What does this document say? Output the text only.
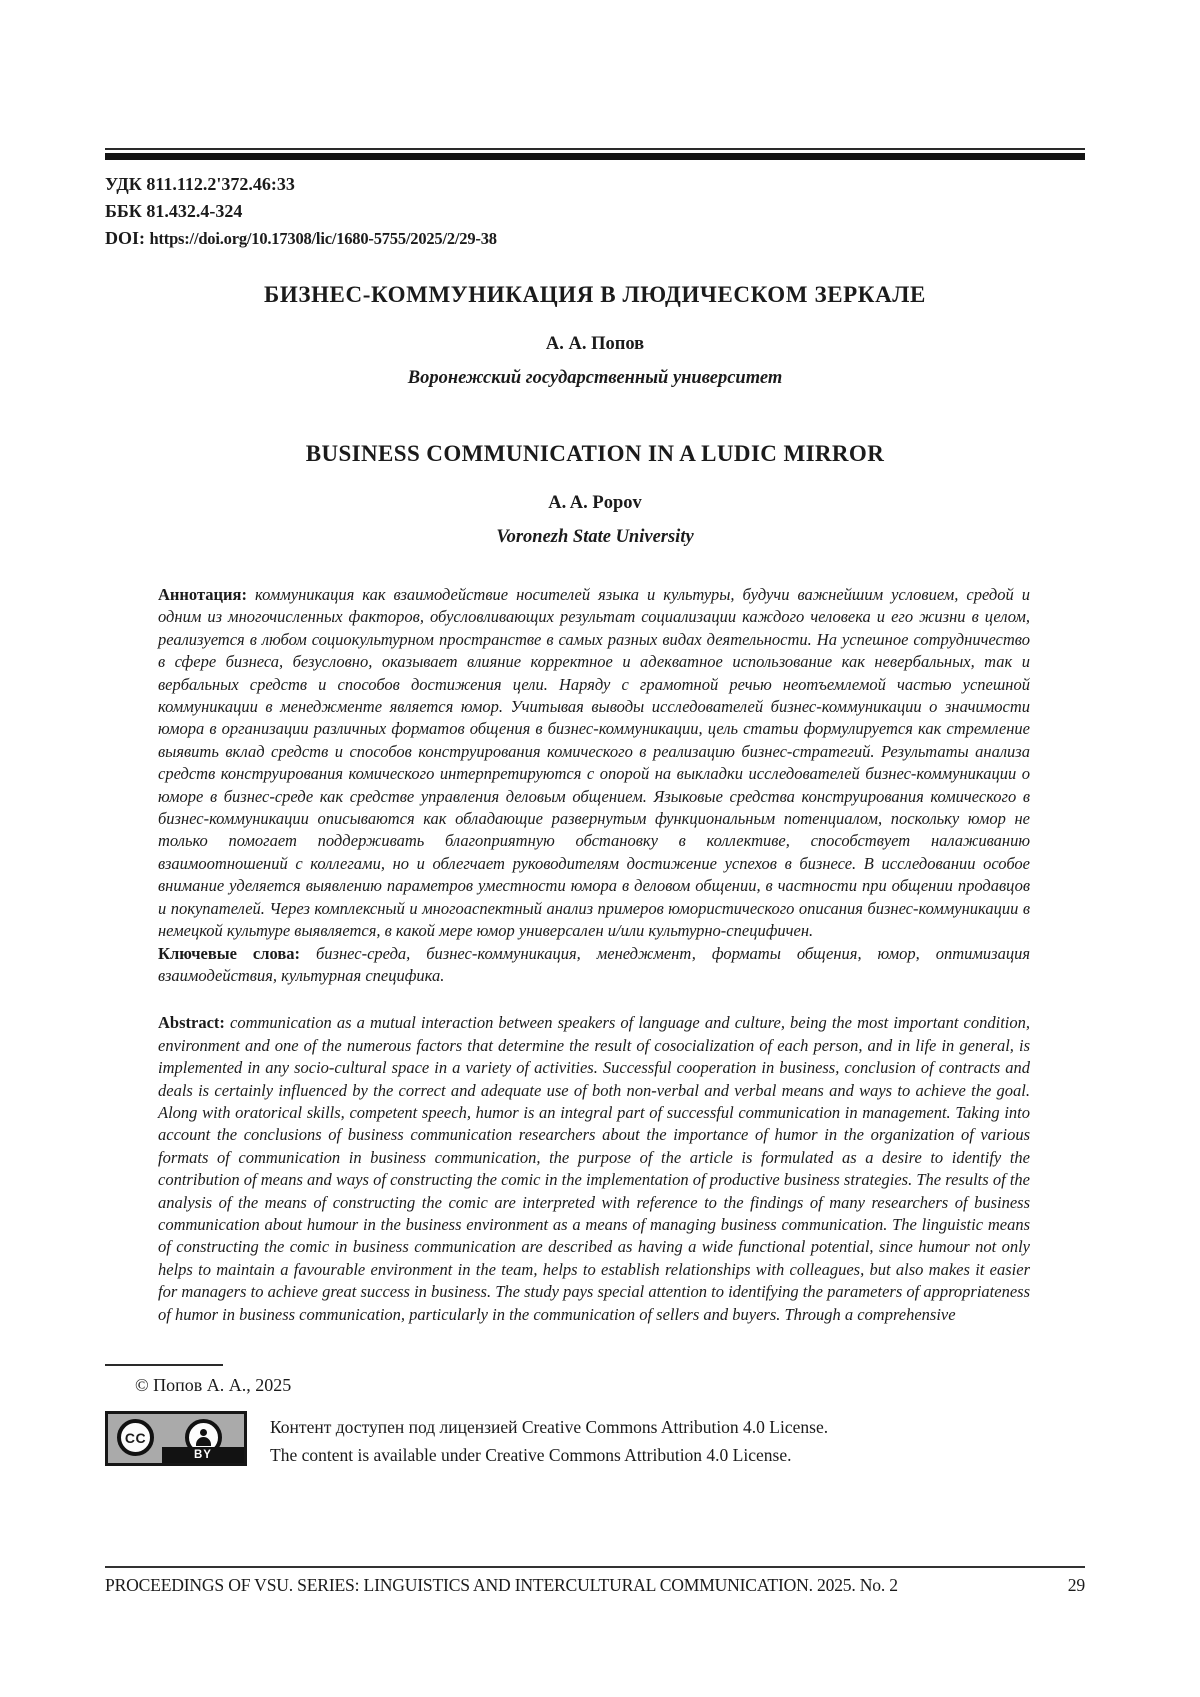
УДК 811.112.2'372.46:33
ББК 81.432.4-324
DOI: https://doi.org/10.17308/lic/1680-5755/2025/2/29-38
БИЗНЕС-КОММУНИКАЦИЯ В ЛЮДИЧЕСКОМ ЗЕРКАЛЕ
А. А. Попов
Воронежский государственный университет
BUSINESS COMMUNICATION IN A LUDIC MIRROR
A. A. Popov
Voronezh State University

Аннотация: коммуникация как взаимодействие носителей языка и культуры, будучи важнейшим условием, средой и одним из многочисленных факторов, обусловливающих результат социализации каждого человека и его жизни в целом, реализуется в любом социокультурном пространстве в самых разных видах деятельности. На успешное сотрудничество в сфере бизнеса, безусловно, оказывает влияние корректное и адекватное использование как невербальных, так и вербальных средств и способов достижения цели. Наряду с грамотной речью неотъемлемой частью успешной коммуникации в менеджменте является юмор. Учитывая выводы исследователей бизнес-коммуникации о значимости юмора в организации различных форматов общения в бизнес-коммуникации, цель статьи формулируется как стремление выявить вклад средств и способов конструирования комического в реализацию бизнес-стратегий. Результаты анализа средств конструирования комического интерпретируются с опорой на выкладки исследователей бизнес-коммуникации о юморе в бизнес-среде как средстве управления деловым общением. Языковые средства конструирования комического в бизнес-коммуникации описываются как обладающие развернутым функциональным потенциалом, поскольку юмор не только помогает поддерживать благоприятную обстановку в коллективе, способствует налаживанию взаимоотношений с коллегами, но и облегчает руководителям достижение успехов в бизнесе. В исследовании особое внимание уделяется выявлению параметров уместности юмора в деловом общении, в частности при общении продавцов и покупателей. Через комплексный и многоаспектный анализ примеров юмористического описания бизнес-коммуникации в немецкой культуре выявляется, в какой мере юмор универсален и/или культурно-специфичен.

Ключевые слова: бизнес-среда, бизнес-коммуникация, менеджмент, форматы общения, юмор, оптимизация взаимодействия, культурная специфика.

Abstract: communication as a mutual interaction between speakers of language and culture, being the most important condition, environment and one of the numerous factors that determine the result of cosocialization of each person, and in life in general, is implemented in any socio-cultural space in a variety of activities. Successful cooperation in business, conclusion of contracts and deals is certainly influenced by the correct and adequate use of both non-verbal and verbal means and ways to achieve the goal. Along with oratorical skills, competent speech, humor is an integral part of successful communication in management. Taking into account the conclusions of business communication researchers about the importance of humor in the organization of various formats of communication in business communication, the purpose of the article is formulated as a desire to identify the contribution of means and ways of constructing the comic in the implementation of productive business strategies. The results of the analysis of the means of constructing the comic are interpreted with reference to the findings of many researchers of business communication about humour in the business environment as a means of managing business communication. The linguistic means of constructing the comic in business communication are described as having a wide functional potential, since humour not only helps to maintain a favourable environment in the team, helps to establish relationships with colleagues, but also makes it easier for managers to achieve great success in business. The study pays special attention to identifying the parameters of appropriateness of humor in business communication, particularly in the communication of sellers and buyers. Through a comprehensive

© Попов А. А., 2025
CC
BY
Контент доступен под лицензией Creative Commons Attribution 4.0 License.
The content is available under Creative Commons Attribution 4.0 License.
PROCEEDINGS OF VSU. SERIES: LINGUISTICS AND INTERCULTURAL COMMUNICATION. 2025. No. 2	29
